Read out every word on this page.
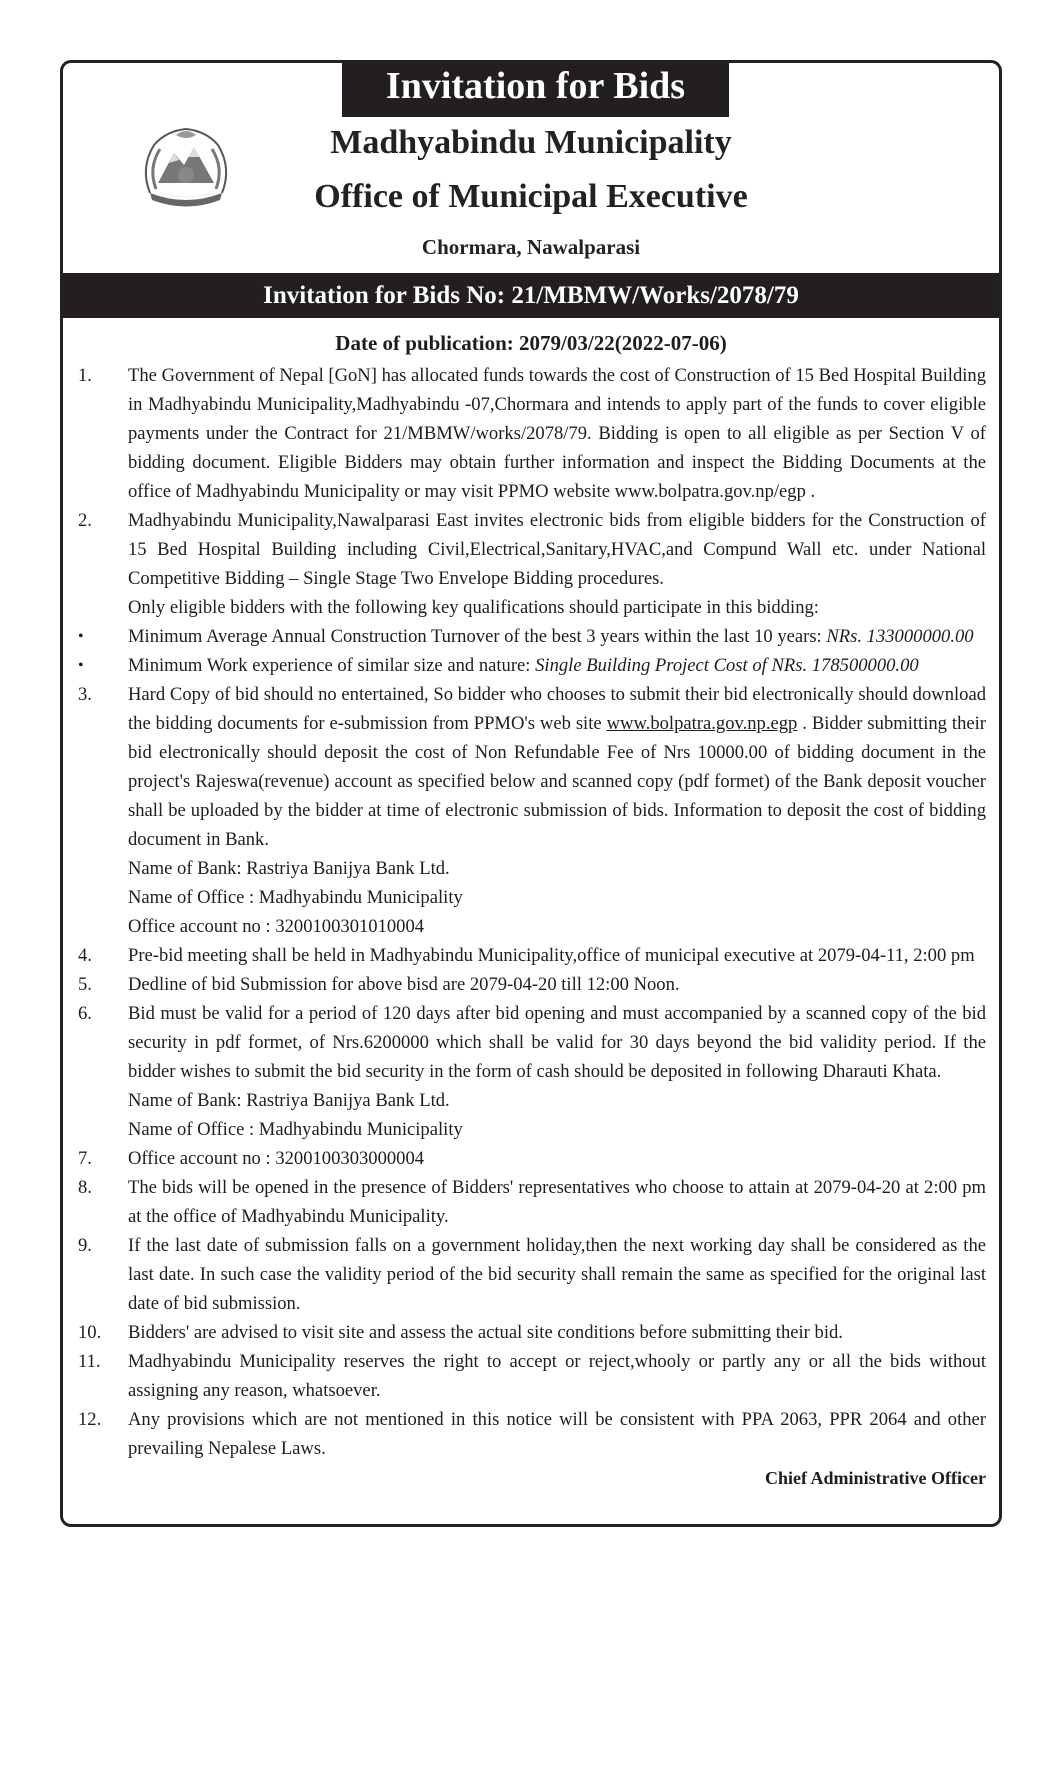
Invitation for Bids
Madhyabindu Municipality
Office of Municipal Executive
Chormara, Nawalparasi
Invitation for Bids No: 21/MBMW/Works/2078/79
Date of publication: 2079/03/22(2022-07-06)
1.	The Government of Nepal [GoN] has allocated funds towards the cost of Construction of 15 Bed Hospital Building in Madhyabindu Municipality,Madhyabindu -07,Chormara and intends to apply part of the funds to cover eligible payments under the Contract for 21/MBMW/works/2078/79. Bidding is open to all eligible as per Section V of bidding document. Eligible Bidders may obtain further information and inspect the Bidding Documents at the office of Madhyabindu Municipality or may visit PPMO website www.bolpatra.gov.np/egp .
2.	Madhyabindu Municipality,Nawalparasi East invites electronic bids from eligible bidders for the Construction of 15 Bed Hospital Building including Civil,Electrical,Sanitary,HVAC,and Compund Wall etc. under National Competitive Bidding – Single Stage Two Envelope Bidding procedures.
Only eligible bidders with the following key qualifications should participate in this bidding:
•	Minimum Average Annual Construction Turnover of the best 3 years within the last 10 years: NRs. 133000000.00
•	Minimum Work experience of similar size and nature: Single Building Project Cost of NRs. 178500000.00
3.	Hard Copy of bid should no entertained, So bidder who chooses to submit their bid electronically should download the bidding documents for e-submission from PPMO's web site www.bolpatra.gov.np.egp . Bidder submitting their bid electronically should deposit the cost of Non Refundable Fee of Nrs 10000.00 of bidding document in the project's Rajeswa(revenue) account as specified below and scanned copy (pdf formet) of the Bank deposit voucher shall be uploaded by the bidder at time of electronic submission of bids. Information to deposit the cost of bidding document in Bank.
Name of Bank: Rastriya Banijya Bank Ltd.
Name of Office : Madhyabindu Municipality
Office account no : 3200100301010004
4.	Pre-bid meeting shall be held in Madhyabindu Municipality,office of municipal executive at 2079-04-11, 2:00 pm
5.	Dedline of bid Submission for above bisd are 2079-04-20 till 12:00 Noon.
6.	Bid must be valid for a period of 120 days after bid opening and must accompanied by a scanned copy of the bid security in pdf formet, of Nrs.6200000 which shall be valid for 30 days beyond the bid validity period. If the bidder wishes to submit the bid security in the form of cash should be deposited in following Dharauti Khata.
Name of Bank: Rastriya Banijya Bank Ltd.
Name of Office : Madhyabindu Municipality
7.	Office account no : 3200100303000004
8.	The bids will be opened in the presence of Bidders' representatives who choose to attain at 2079-04-20 at 2:00 pm at the office of Madhyabindu Municipality.
9.	If the last date of submission falls on a government holiday,then the next working day shall be considered as the last date. In such case the validity period of the bid security shall remain the same as specified for the original last date of bid submission.
10.	Bidders' are advised to visit site and assess the actual site conditions before submitting their bid.
11.	Madhyabindu Municipality reserves the right to accept or reject,whooly or partly any or all the bids without assigning any reason, whatsoever.
12.	Any provisions which are not mentioned in this notice will be consistent with PPA 2063, PPR 2064 and other prevailing Nepalese Laws.
Chief Administrative Officer
